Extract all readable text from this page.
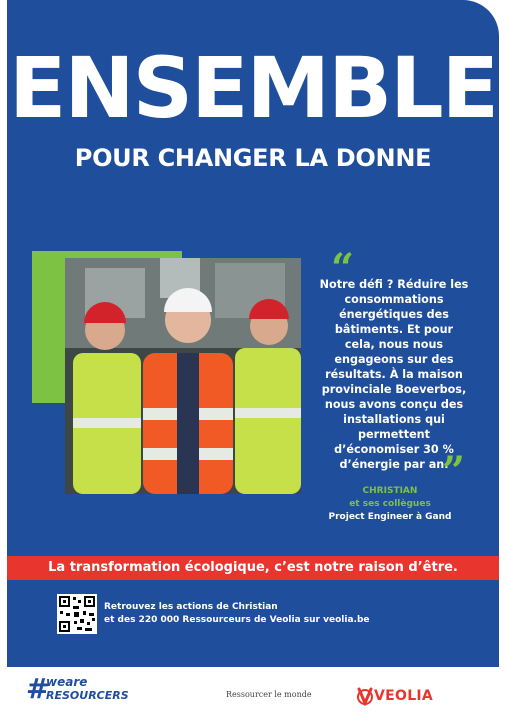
ENSEMBLE
POUR CHANGER LA DONNE
“
Notre défi ? Réduire les consommations énergétiques des bâtiments. Et pour cela, nous nous engageons sur des résultats. À la maison provinciale Boeverbos, nous avons conçu des installations qui permettent d’économiser 30 % d’énergie par an.
”
CHRISTIAN
et ses collègues
Project Engineer à Gand
La transformation écologique, c’est notre raison d’être.
Retrouvez les actions de Christian
et des 220 000 Ressourceurs de Veolia sur veolia.be
#
weare
RESOURCERS	Ressourcer le monde	VEOLIA
